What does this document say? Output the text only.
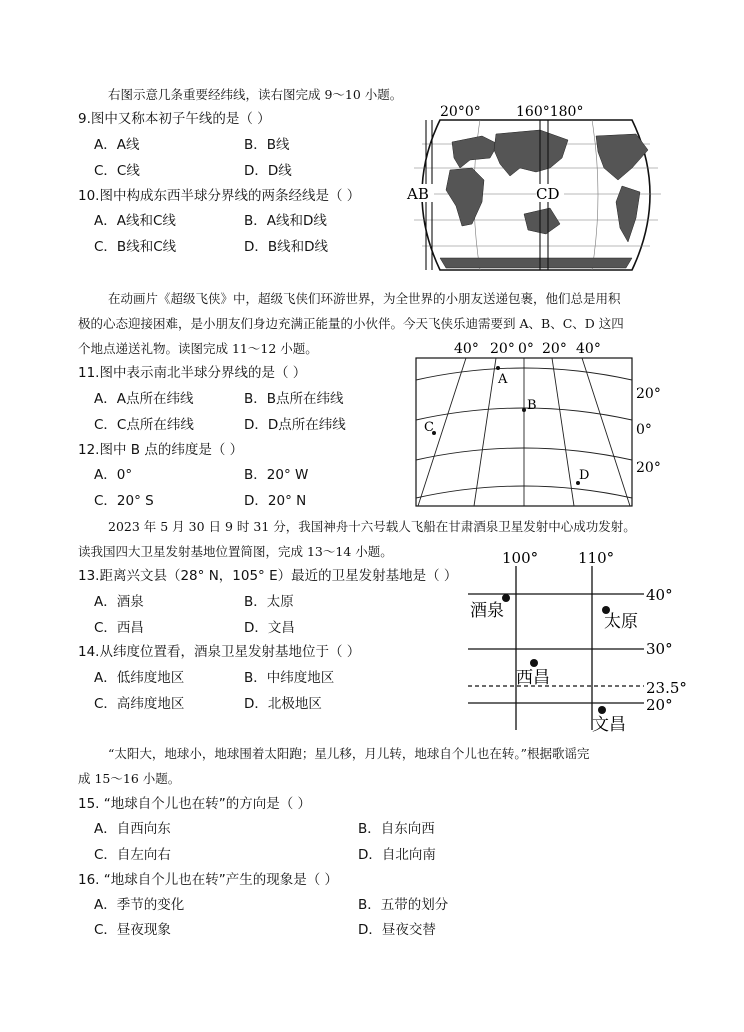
右图示意几条重要经纬线，读右图完成 9～10 小题。
9.图中又称本初子午线的是（ ）
A．A线	B．B线
C．C线	D．D线
10.图中构成东西半球分界线的两条经线是（ ）
A．A线和C线	B．A线和D线
C．B线和C线	D．B线和D线
20°0°	160°180°
AB	CD
在动画片《超级飞侠》中，超级飞侠们环游世界，为全世界的小朋友送递包裹，他们总是用积
极的心态迎接困难，是小朋友们身边充满正能量的小伙伴。今天飞侠乐迪需要到 A、B、C、D 这四
个地点递送礼物。读图完成 11～12 小题。
11.图中表示南北半球分界线的是（ ）
A．A点所在纬线	B．B点所在纬线
C．C点所在纬线	D．D点所在纬线
12.图中 B 点的纬度是（ ）
A．0°	B．20° W
C．20° S	D．20° N
40° 20° 0° 20° 40°
A
B
C
D
20°
0°
20°
2023 年 5 月 30 日 9 时 31 分，我国神舟十六号载人飞船在甘肃酒泉卫星发射中心成功发射。
读我国四大卫星发射基地位置简图，完成 13～14 小题。
13.距离兴文县（28° N，105° E）最近的卫星发射基地是（ ）
A．酒泉	B．太原
C．西昌	D．文昌
14.从纬度位置看，酒泉卫星发射基地位于（ ）
A．低纬度地区	B．中纬度地区
C．高纬度地区	D．北极地区
100°	110°
40°
30°
23.5°
20°
酒泉
太原
西昌
文昌
“太阳大，地球小，地球围着太阳跑；星儿移，月儿转，地球自个儿也在转。”根据歌谣完
成 15～16 小题。
15. “地球自个儿也在转”的方向是（ ）
A．自西向东	B．自东向西
C．自左向右	D．自北向南
16. “地球自个儿也在转”产生的现象是（ ）
A．季节的变化	B．五带的划分
C．昼夜现象	D．昼夜交替
